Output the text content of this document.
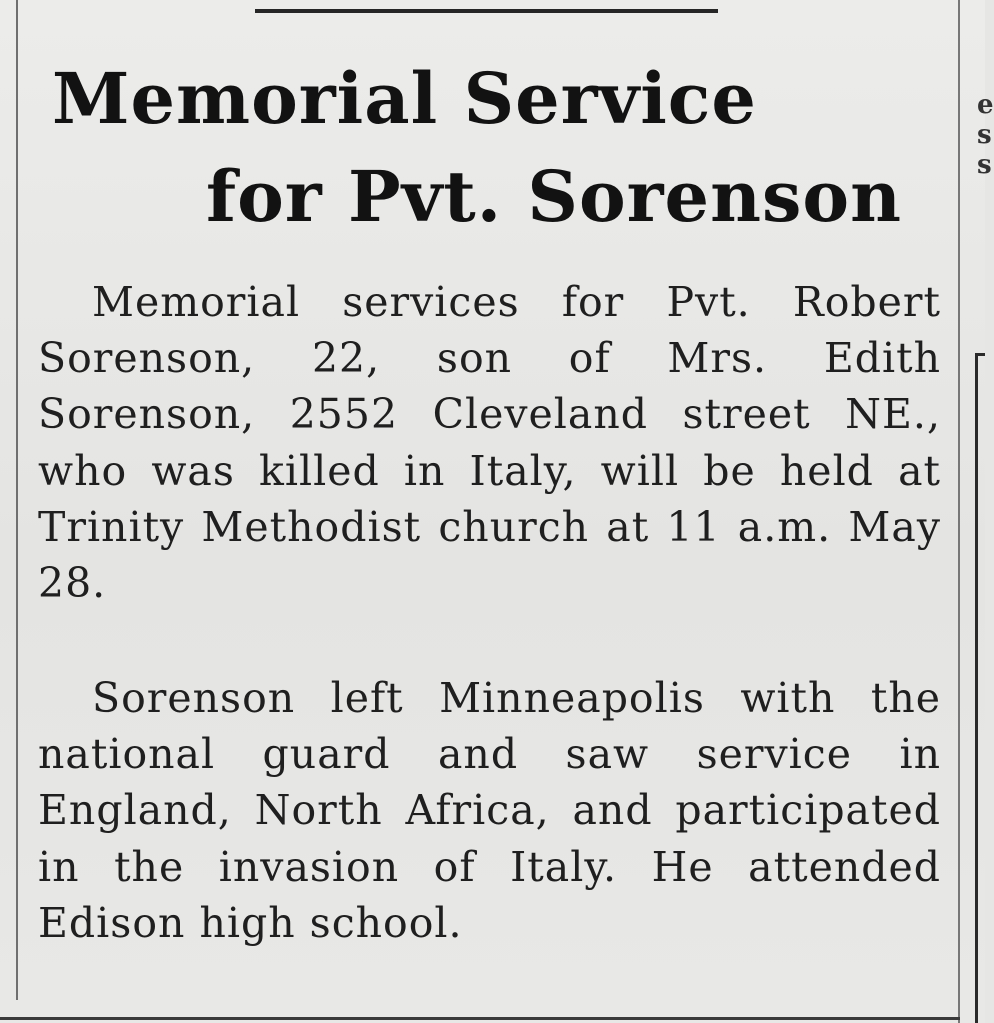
e
s
s
Memorial Service
for Pvt. Sorenson

Memorial services for Pvt. Robert Sorenson, 22, son of Mrs. Edith Sorenson, 2552 Cleveland street NE., who was killed in Italy, will be held at Trinity Methodist church at 11 a.m. May 28.

Sorenson left Minneapolis with the national guard and saw service in England, North Africa, and participated in the invasion of Italy. He attended Edison high school.
